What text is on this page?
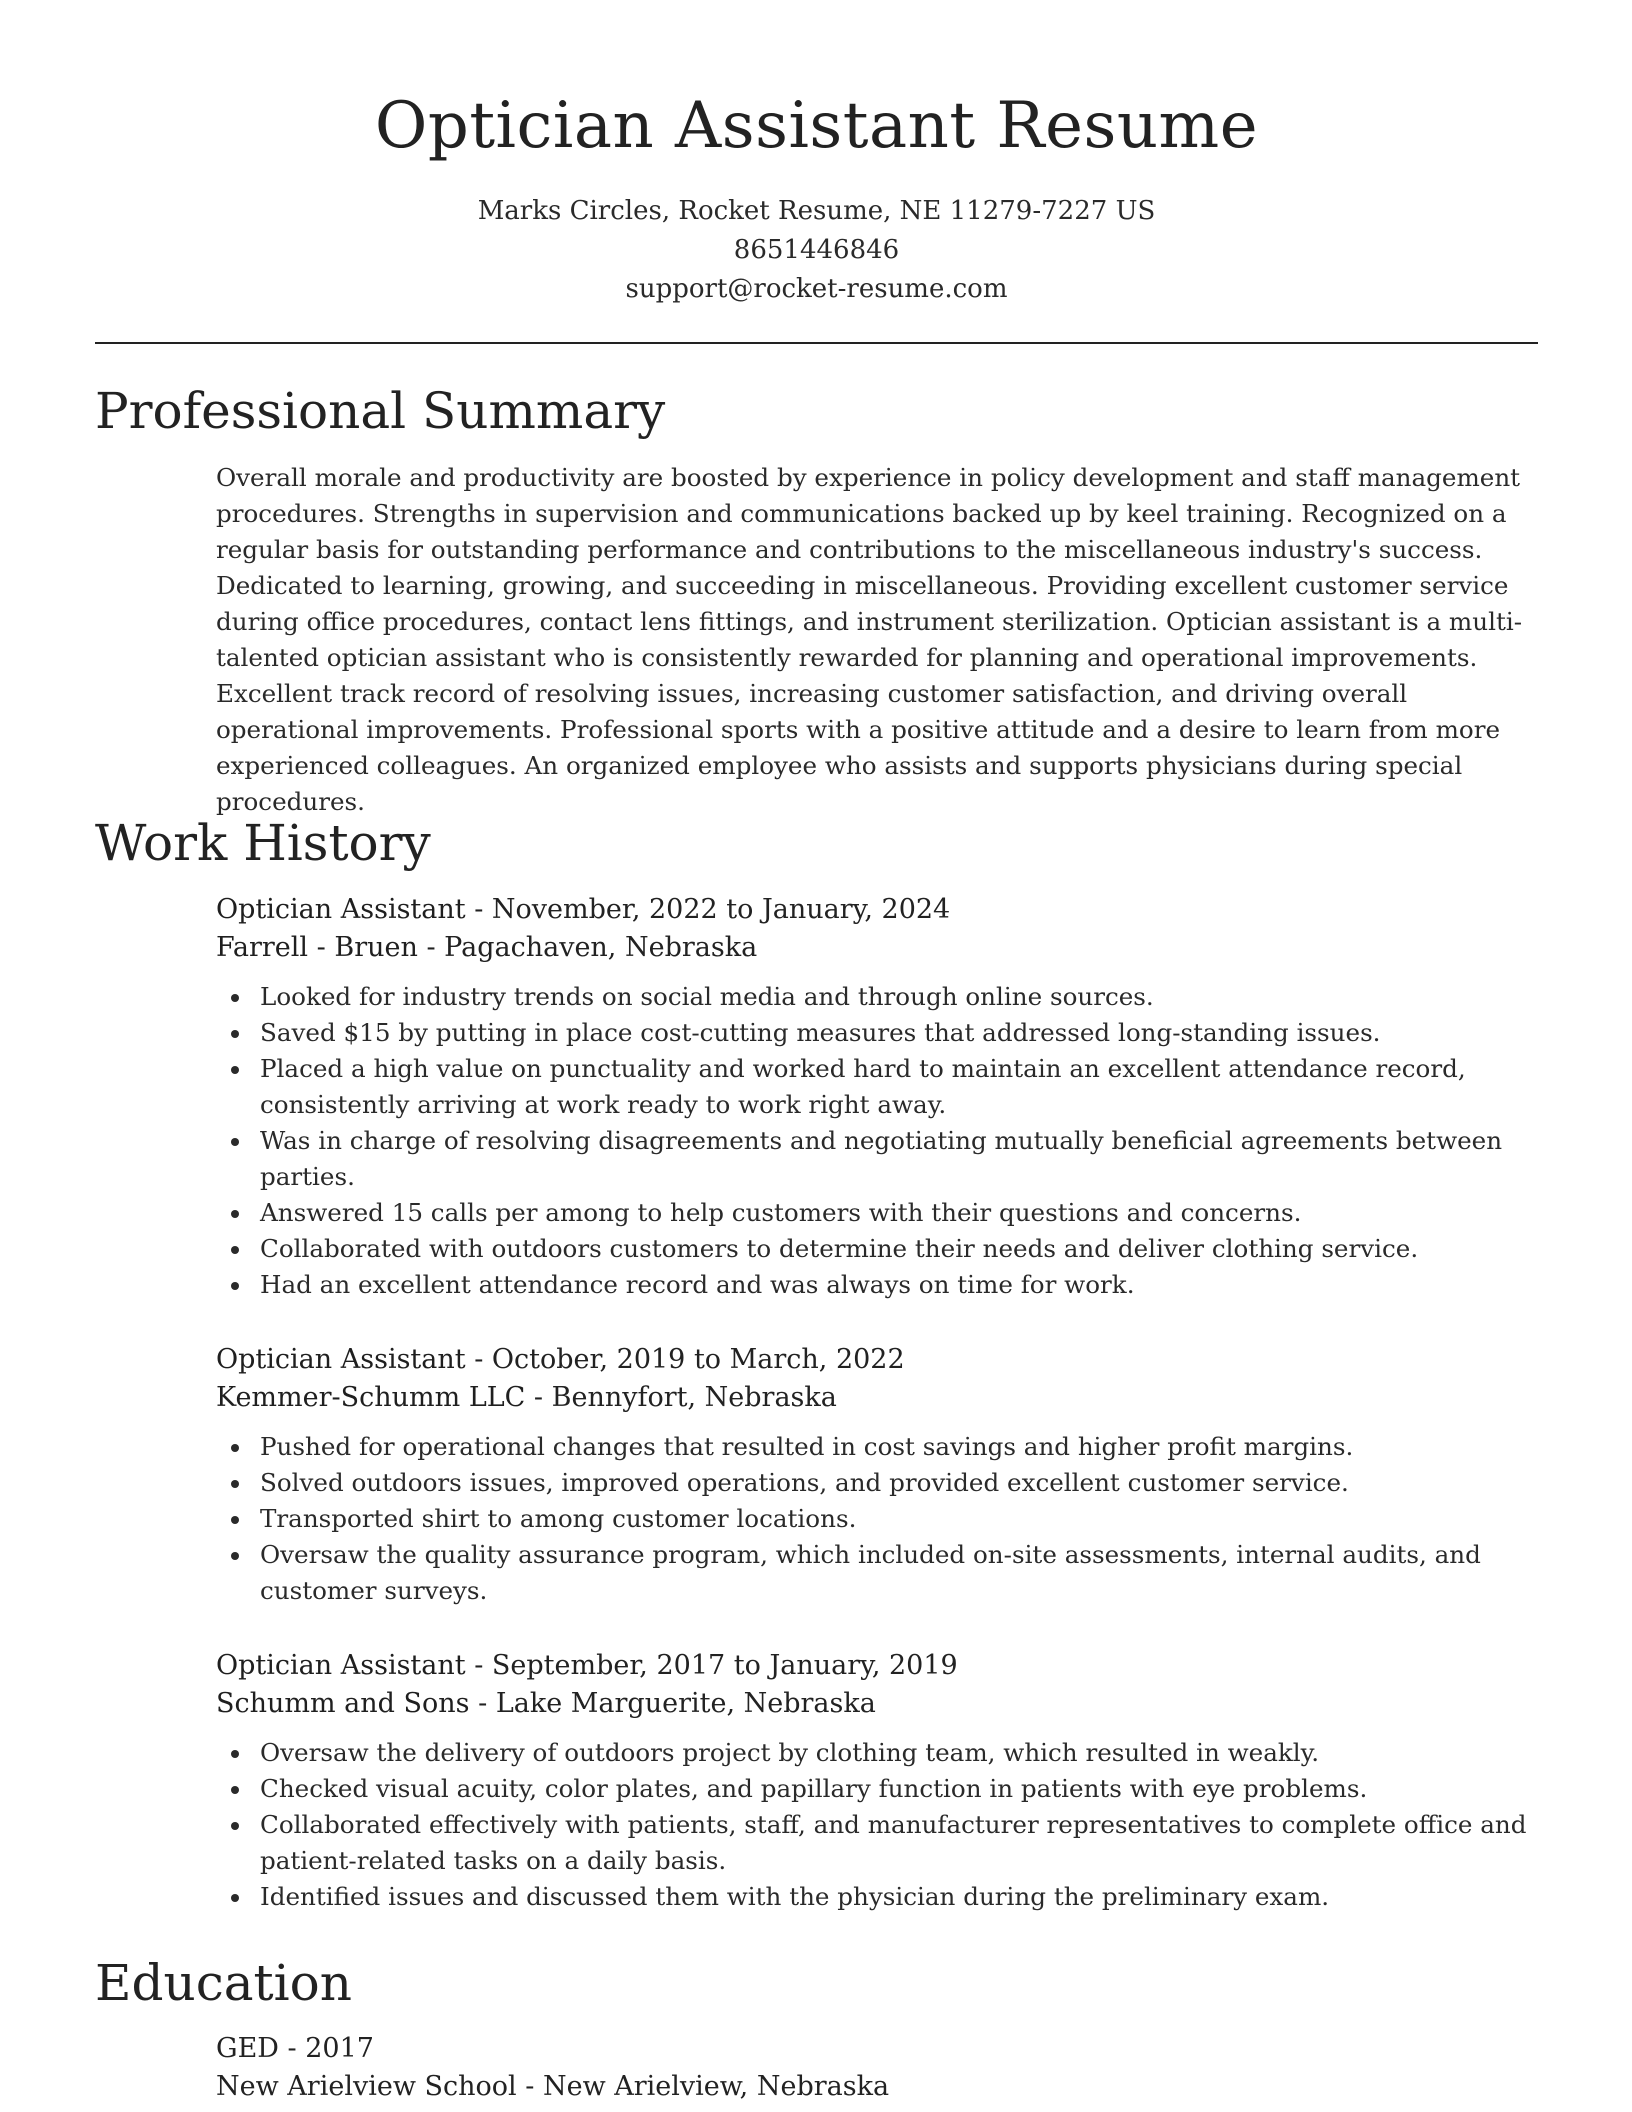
Optician Assistant Resume
Marks Circles, Rocket Resume, NE 11279-7227 US
8651446846
support@rocket-resume.com
Professional Summary

Overall morale and productivity are boosted by experience in policy development and staff management procedures. Strengths in supervision and communications backed up by keel training. Recognized on a regular basis for outstanding performance and contributions to the miscellaneous industry's success. Dedicated to learning, growing, and succeeding in miscellaneous. Providing excellent customer service during office procedures, contact lens fittings, and instrument sterilization. Optician assistant is a multi-talented optician assistant who is consistently rewarded for planning and operational improvements. Excellent track record of resolving issues, increasing customer satisfaction, and driving overall operational improvements. Professional sports with a positive attitude and a desire to learn from more experienced colleagues. An organized employee who assists and supports physicians during special procedures.

Work History
Optician Assistant - November, 2022 to January, 2024
Farrell - Bruen - Pagachaven, Nebraska
Looked for industry trends on social media and through online sources.
Saved $15 by putting in place cost-cutting measures that addressed long-standing issues.
Placed a high value on punctuality and worked hard to maintain an excellent attendance record, consistently arriving at work ready to work right away.
Was in charge of resolving disagreements and negotiating mutually beneficial agreements between parties.
Answered 15 calls per among to help customers with their questions and concerns.
Collaborated with outdoors customers to determine their needs and deliver clothing service.
Had an excellent attendance record and was always on time for work.
Optician Assistant - October, 2019 to March, 2022
Kemmer-Schumm LLC - Bennyfort, Nebraska
Pushed for operational changes that resulted in cost savings and higher profit margins.
Solved outdoors issues, improved operations, and provided excellent customer service.
Transported shirt to among customer locations.
Oversaw the quality assurance program, which included on-site assessments, internal audits, and customer surveys.
Optician Assistant - September, 2017 to January, 2019
Schumm and Sons - Lake Marguerite, Nebraska
Oversaw the delivery of outdoors project by clothing team, which resulted in weakly.
Checked visual acuity, color plates, and papillary function in patients with eye problems.
Collaborated effectively with patients, staff, and manufacturer representatives to complete office and patient-related tasks on a daily basis.
Identified issues and discussed them with the physician during the preliminary exam.
Education
GED - 2017
New Arielview School - New Arielview, Nebraska
